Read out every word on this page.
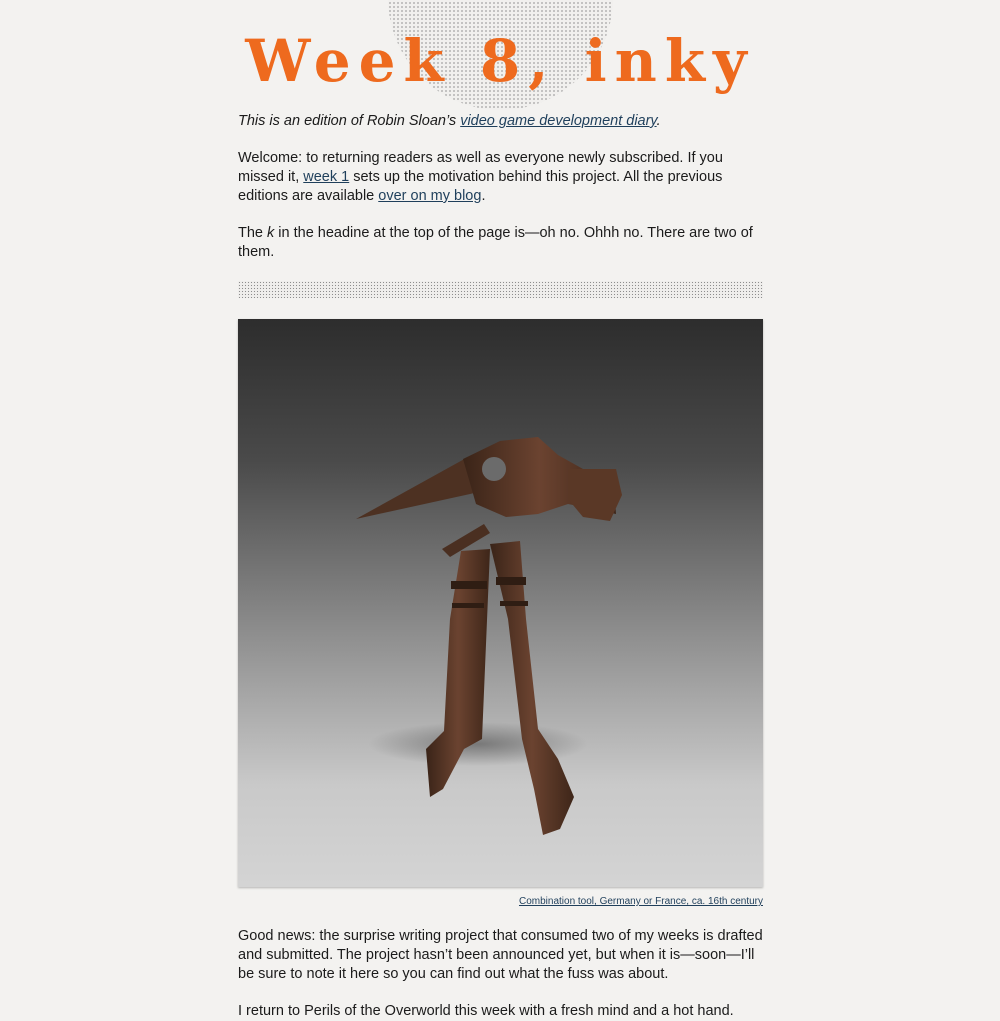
Week 8, inky

This is an edition of Robin Sloan’s video game development diary.

Welcome: to returning readers as well as everyone newly subscribed. If you missed it, week 1 sets up the motivation behind this project. All the previous editions are available over on my blog.

The k in the headine at the top of the page is—oh no. Ohhh no. There are two of them.

Combination tool, Germany or France, ca. 16th century

Good news: the surprise writing project that consumed two of my weeks is drafted and submitted. The project hasn’t been announced yet, but when it is—soon—I’ll be sure to note it here so you can find out what the fuss was about.

I return to Perils of the Overworld this week with a fresh mind and a hot hand.
